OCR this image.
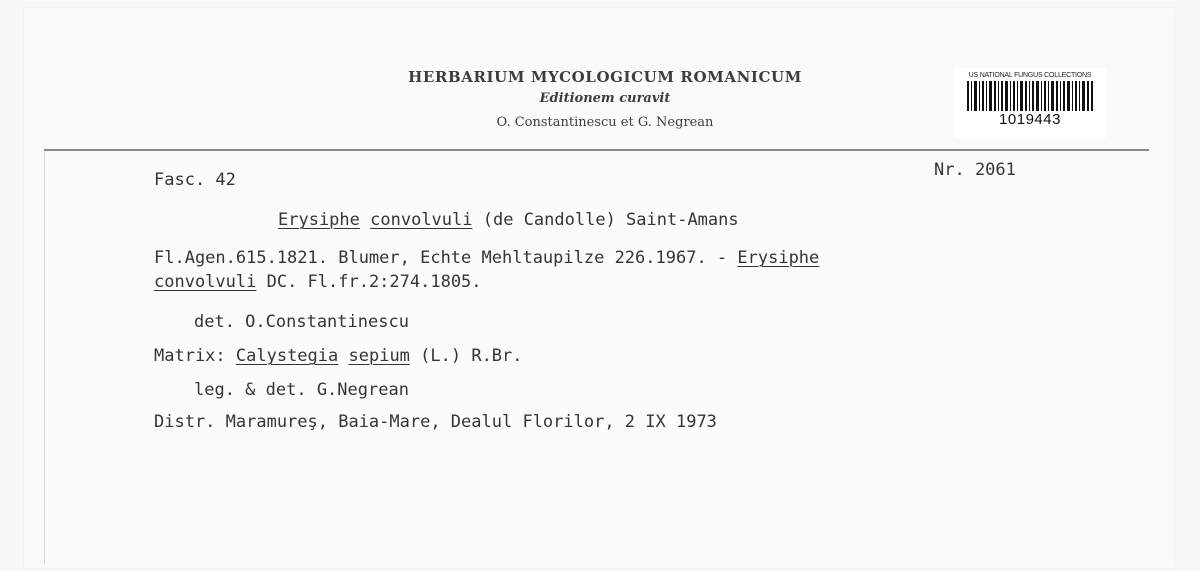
HERBARIUM MYCOLOGICUM ROMANICUM
Editionem curavit
O. Constantinescu et G. Negrean
US NATIONAL FUNGUS COLLECTIONS
1019443
Fasc. 42	Nr. 2061
Erysiphe convolvuli (de Candolle) Saint-Amans
Fl.Agen.615.1821. Blumer, Echte Mehltaupilze 226.1967. - Erysiphe
convolvuli DC. Fl.fr.2:274.1805.
det. O.Constantinescu
Matrix: Calystegia sepium (L.) R.Br.
leg. & det. G.Negrean
Distr. Maramureş, Baia-Mare, Dealul Florilor, 2 IX 1973
